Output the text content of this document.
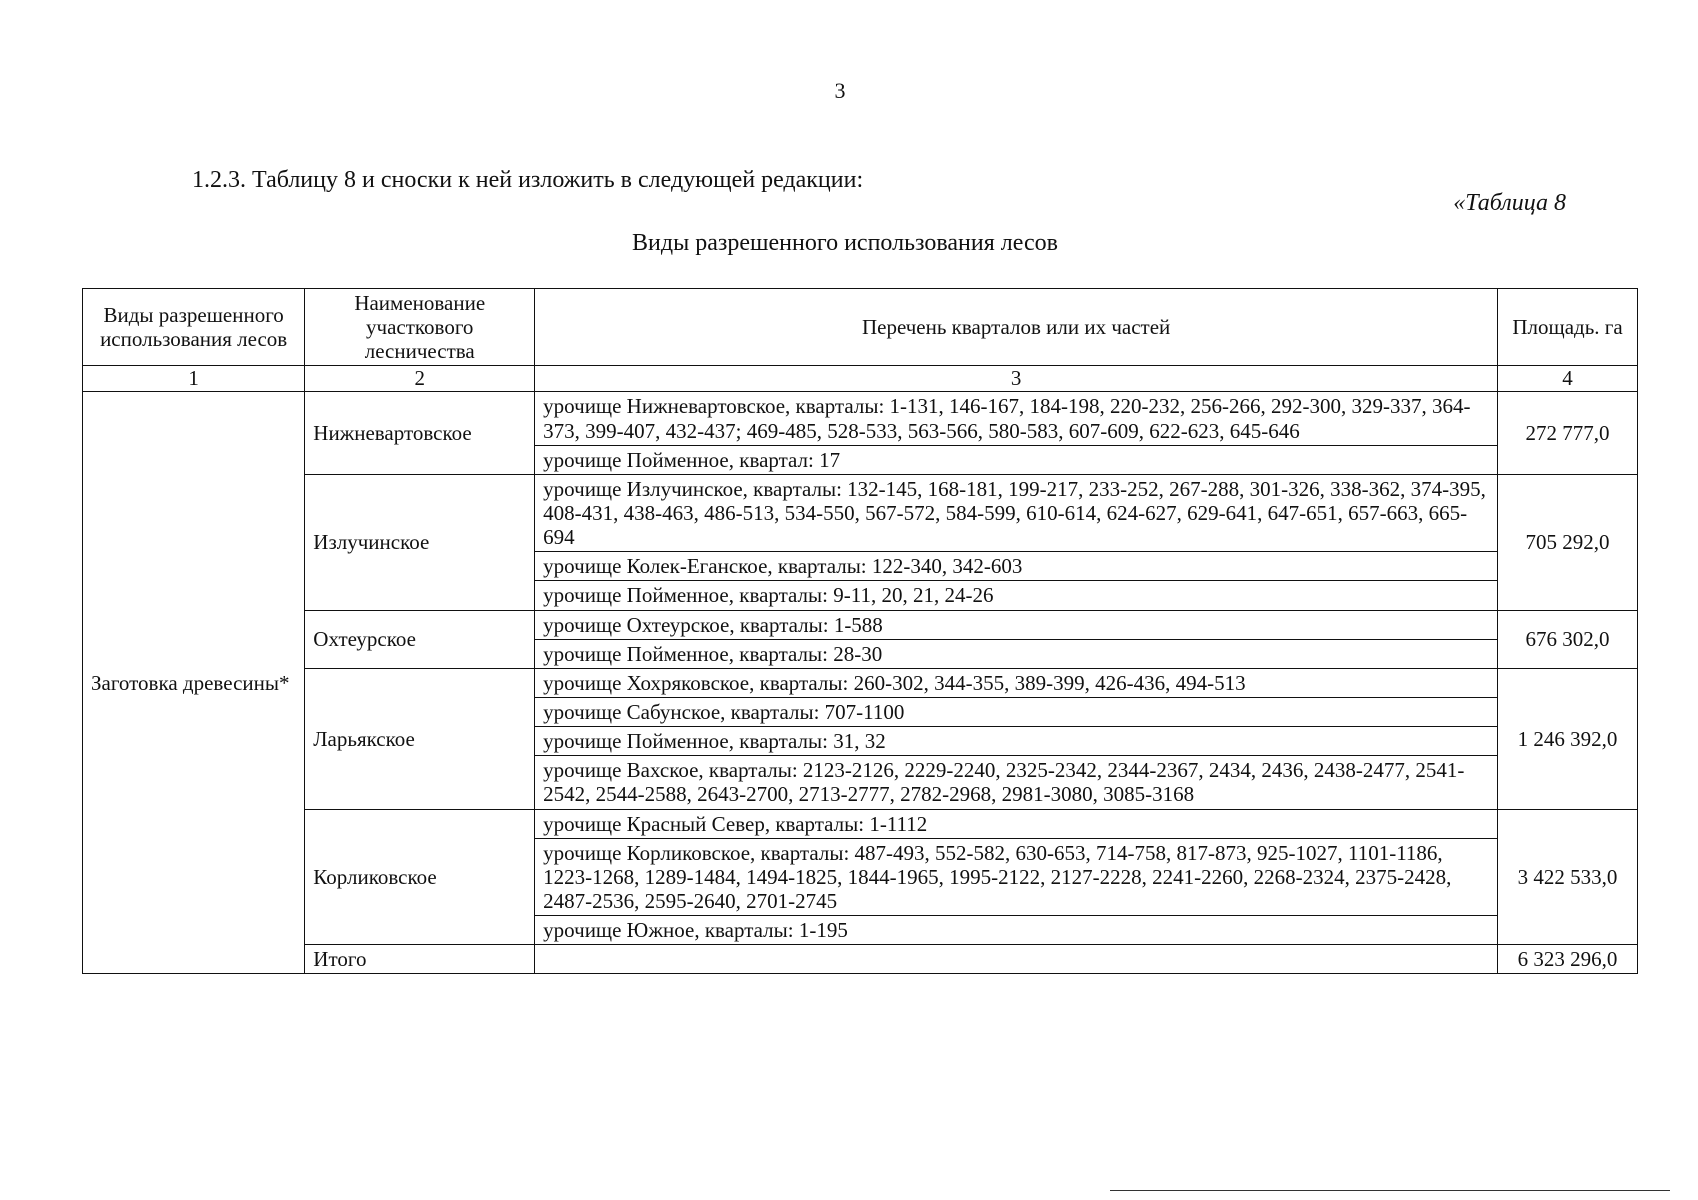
3
1.2.3. Таблицу 8 и сноски к ней изложить в следующей редакции:
«Таблица 8
Виды разрешенного использования лесов
Виды разрешенного использования лесов	Наименование участкового лесничества	Перечень кварталов или их частей	Площадь. га
1	2	3	4
Заготовка древесины*	Нижневартовское	урочище Нижневартовское, кварталы: 1-131, 146-167, 184-198, 220-232, 256-266, 292-300, 329-337, 364-373, 399-407, 432-437; 469-485, 528-533, 563-566, 580-583, 607-609, 622-623, 645-646	272 777,0
		урочище Пойменное, квартал: 17	
	Излучинское	урочище Излучинское, кварталы: 132-145, 168-181, 199-217, 233-252, 267-288, 301-326, 338-362, 374-395, 408-431, 438-463, 486-513, 534-550, 567-572, 584-599, 610-614, 624-627, 629-641, 647-651, 657-663, 665-694	705 292,0
		урочище Колек-Еганское, кварталы: 122-340, 342-603	
		урочище Пойменное, кварталы: 9-11, 20, 21, 24-26	
	Охтеурское	урочище Охтеурское, кварталы: 1-588	676 302,0
		урочище Пойменное, кварталы: 28-30	
	Ларьякское	урочище Хохряковское, кварталы: 260-302, 344-355, 389-399, 426-436, 494-513	1 246 392,0
		урочище Сабунское, кварталы: 707-1100	
		урочище Пойменное, кварталы: 31, 32	
		урочище Вахское, кварталы: 2123-2126, 2229-2240, 2325-2342, 2344-2367, 2434, 2436, 2438-2477, 2541-2542, 2544-2588, 2643-2700, 2713-2777, 2782-2968, 2981-3080, 3085-3168	
	Корликовское	урочище Красный Север, кварталы: 1-1112	3 422 533,0
		урочище Корликовское, кварталы: 487-493, 552-582, 630-653, 714-758, 817-873, 925-1027, 1101-1186, 1223-1268, 1289-1484, 1494-1825, 1844-1965, 1995-2122, 2127-2228, 2241-2260, 2268-2324, 2375-2428, 2487-2536, 2595-2640, 2701-2745	
		урочище Южное, кварталы: 1-195	
	Итого		6 323 296,0
